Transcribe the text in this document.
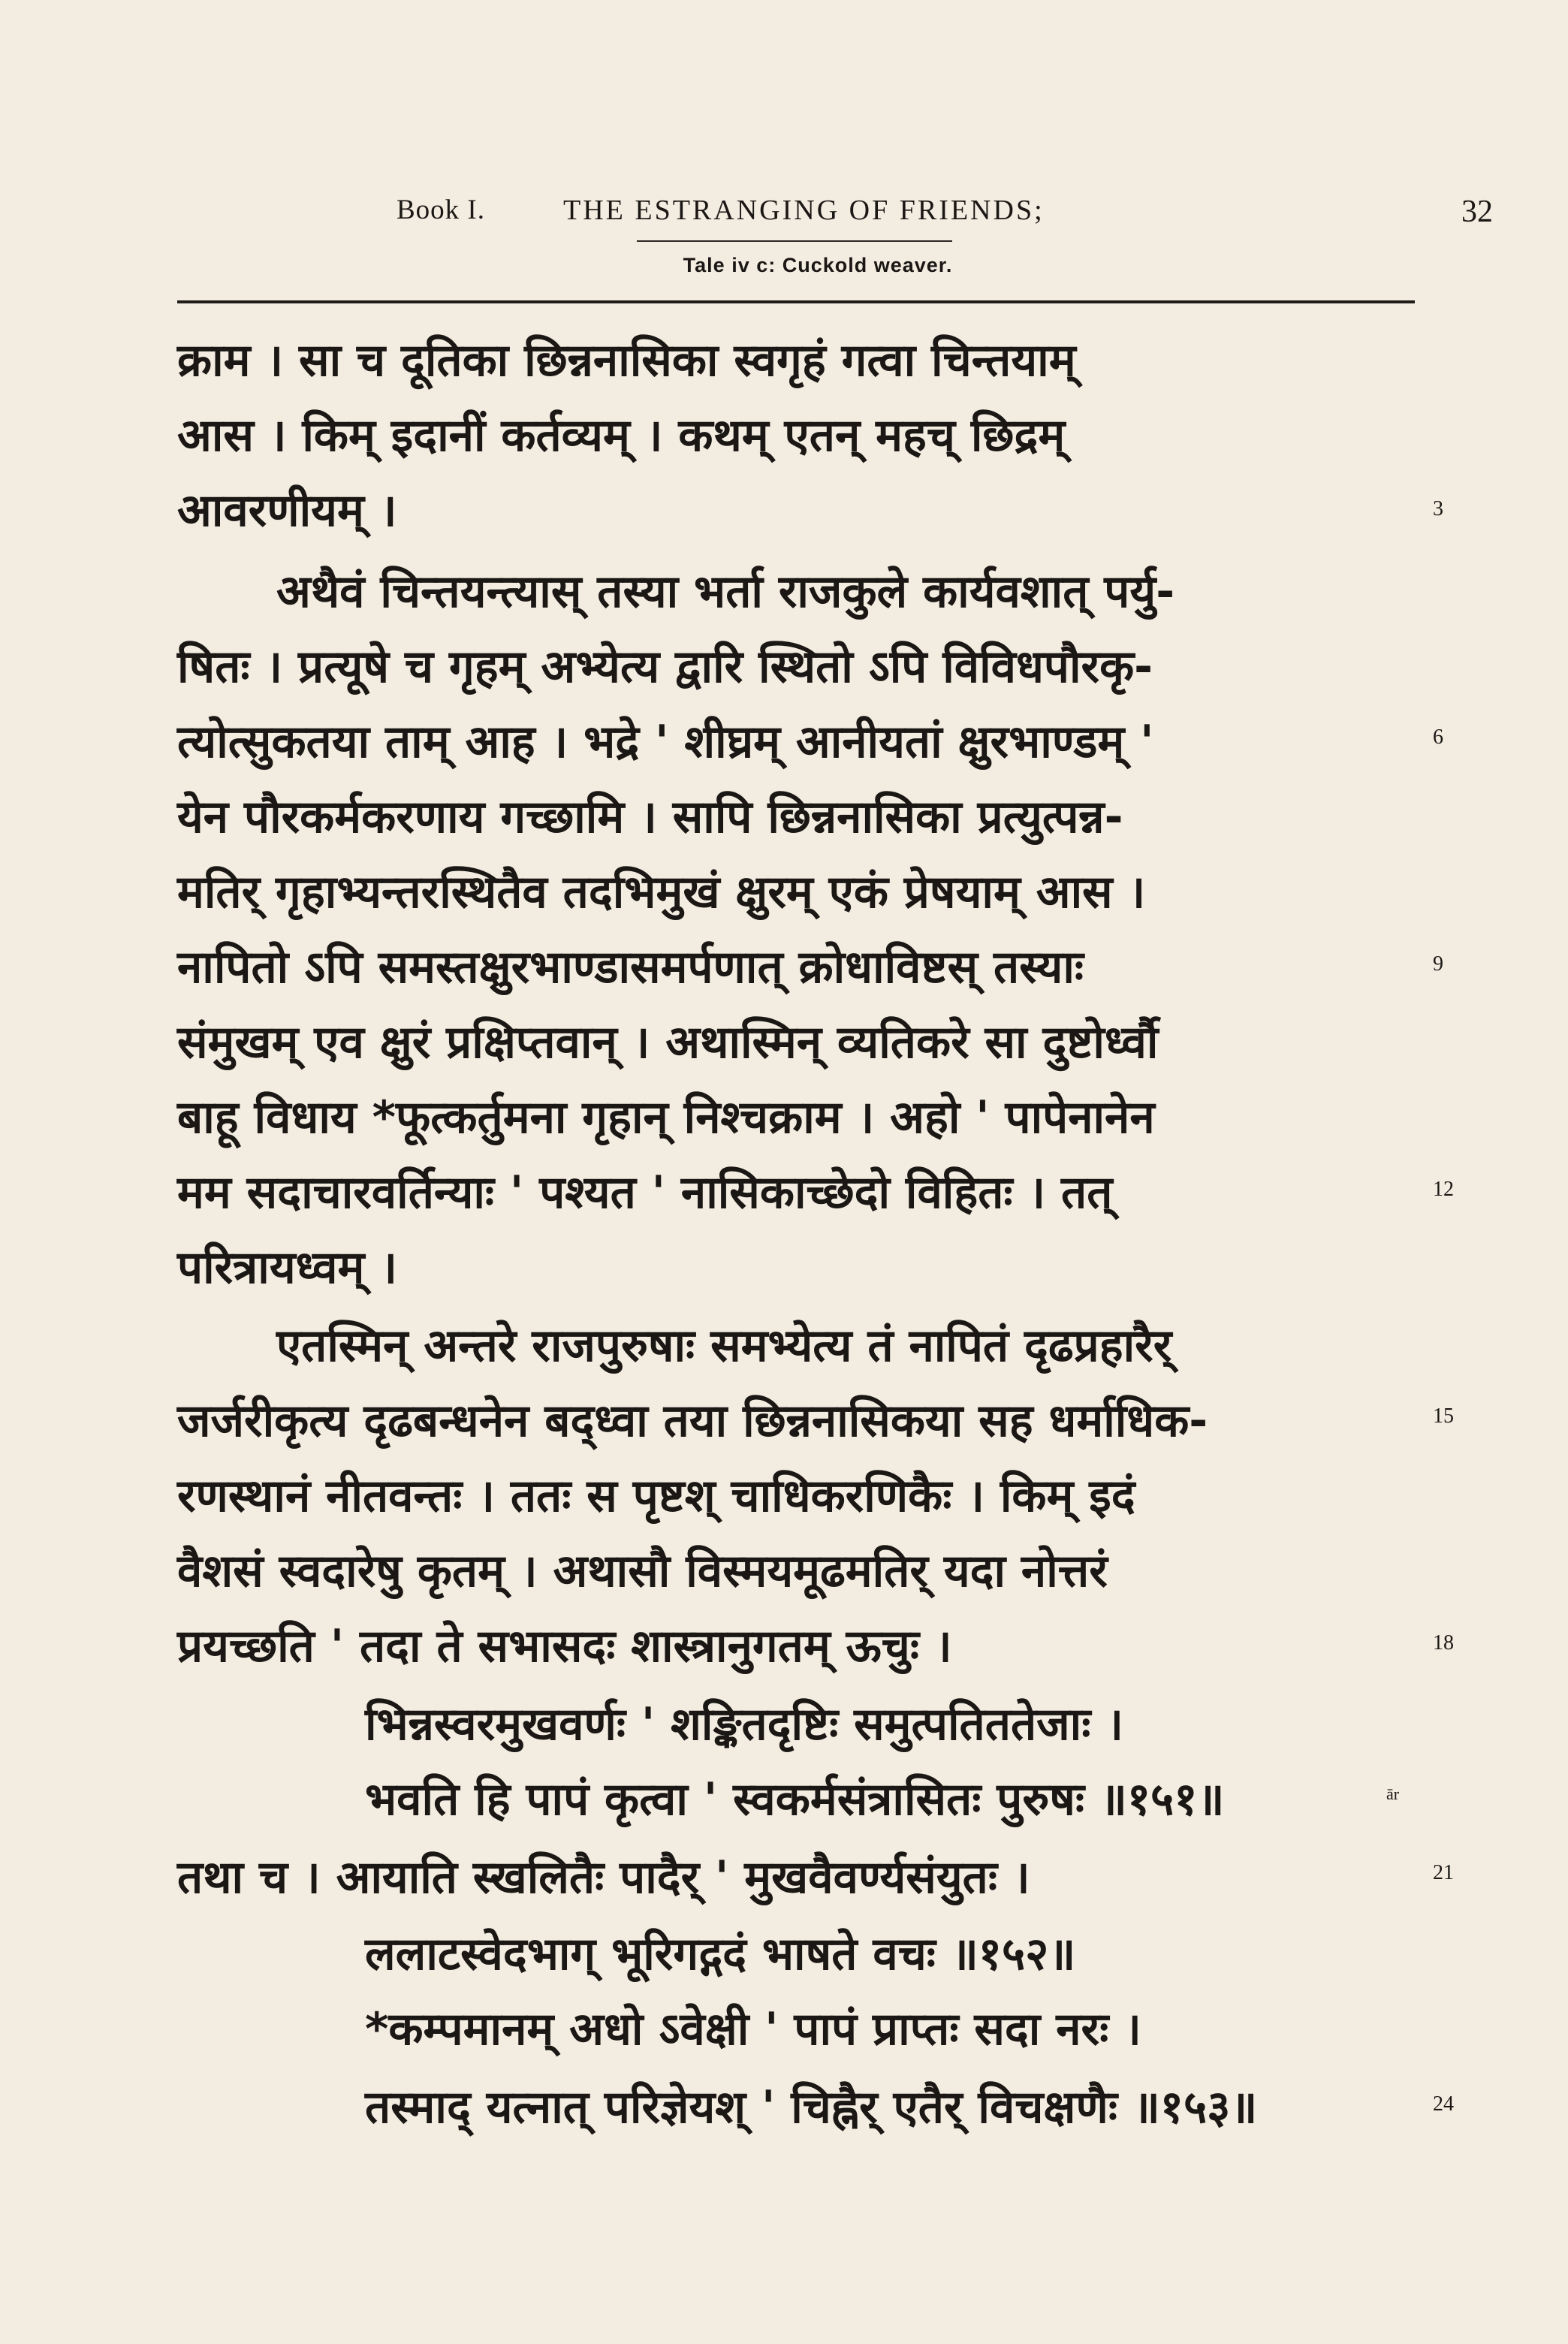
Book I.	THE ESTRANGING OF FRIENDS;	32
Tale iv c: Cuckold weaver.
क्राम । सा च दूतिका छिन्ननासिका स्वगृहं गत्वा चिन्तयाम्
आस । किम् इदानीं कर्तव्यम् । कथम् एतन् महच् छिद्रम्
आवरणीयम् ।
अथैवं चिन्तयन्त्यास् तस्या भर्ता राजकुले कार्यवशात् पर्यु-
षितः । प्रत्यूषे च गृहम् अभ्येत्य द्वारि स्थितो ऽपि विविधपौरकृ-
त्योत्सुकतया ताम् आह । भद्रे ' शीघ्रम् आनीयतां क्षुरभाण्डम् '
येन पौरकर्मकरणाय गच्छामि । सापि छिन्ननासिका प्रत्युत्पन्न-
मतिर् गृहाभ्यन्तरस्थितैव तदभिमुखं क्षुरम् एकं प्रेषयाम् आस ।
नापितो ऽपि समस्तक्षुरभाण्डासमर्पणात् क्रोधाविष्टस् तस्याः
संमुखम् एव क्षुरं प्रक्षिप्तवान् । अथास्मिन् व्यतिकरे सा दुष्टोर्ध्वौ
बाहू विधाय *फूत्कर्तुमना गृहान् निश्चक्राम । अहो ' पापेनानेन
मम सदाचारवर्तिन्याः ' पश्यत ' नासिकाच्छेदो विहितः । तत्
परित्रायध्वम् ।
एतस्मिन् अन्तरे राजपुरुषाः समभ्येत्य तं नापितं दृढप्रहारैर्
जर्जरीकृत्य दृढबन्धनेन बद्ध्वा तया छिन्ननासिकया सह धर्माधिक-
रणस्थानं नीतवन्तः । ततः स पृष्टश् चाधिकरणिकैः । किम् इदं
वैशसं स्वदारेषु कृतम् । अथासौ विस्मयमूढमतिर् यदा नोत्तरं
प्रयच्छति ' तदा ते सभासदः शास्त्रानुगतम् ऊचुः ।
भिन्नस्वरमुखवर्णः ' शङ्कितदृष्टिः समुत्पतिततेजाः ।
भवति हि पापं कृत्वा ' स्वकर्मसंत्रासितः पुरुषः ॥१५१॥
तथा च । आयाति स्खलितैः पादैर् ' मुखवैवर्ण्यसंयुतः ।
ललाटस्वेदभाग् भूरिगद्गदं भाषते वचः ॥१५२॥
*कम्पमानम् अधो ऽवेक्षी ' पापं प्राप्तः सदा नरः ।
तस्माद् यत्नात् परिज्ञेयश् ' चिह्नैर् एतैर् विचक्षणैः ॥१५३॥
3
6
9
12
15
18
21
24
ār
